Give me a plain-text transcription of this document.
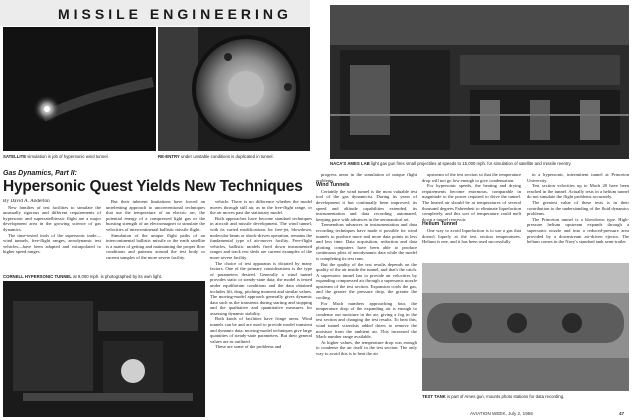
MISSILE ENGINEERING
SATELLITE simulation is job of hypersonic wind tunnel.	RE-ENTRY under unstable conditions is duplicated in tunnel.
NACA'S AMES LAB light gas gun fires small projectiles at speeds to 15,000 mph. for simulation of satellite and missile reentry.
Gas Dynamics, Part II:
Hypersonic Quest Yields New Techniques

By David A. Anderton

New families of test facilities to simulate the unusually rigorous and different requirements of hypersonic and supersatellitessic flight are a major development area in the growing science of gas dynamics.

The time-tested tools of the supersonic trade—wind tunnels, free-flight ranges, aerodynamic test vehicles—have been adapted and extrapolated to higher speed ranges.

But their inherent limitations have forced an unrelenting approach to unconventional techniques that use the temperature of an electric arc, the potential energy of a compressed light gas or the bursting strength of an electromagnet to simulate the velocities of intercontinental ballistic missile flight.

Simulation of the unique flight paths of an intercontinental ballistic missile or the earth satellite is a matter of getting and maintaining the proper flow conditions and patterns around the test body or current samples of the more severe facility.

vehicle. There is no difference whether the model moves through still air, as in the free-flight range, or the air moves past the stationary model.

Both approaches have become standard techniques in aircraft and missile development. The wind tunnel, with its varied modifications for free-jet, blowdown, molecular beam or shock-driven operation, remains the fundamental type of air-mover facility. Free-flight vehicles, ballistic models fired down instrumented ranges and track test sleds are current examples of the more severe facility.

The choice of test apparatus is dictated by many factors. One of the primary considerations is the type of parameters desired. Generally a wind tunnel provides static or steady-state data; the model is tested under equilibrium conditions and the data obtained includes lift, drag, pitching moment and similar values. The moving-model approach generally gives dynamic data such as the transients during starting and stopping and the qualitative and quantitative measures for assessing dynamic stability.

Both kinds of facilities have fringe areas. Wind tunnels can be and are used to provide model transient and dynamic data; moving-model techniques give large quantities of steady-state parameters. But their general values are as outlined.

These are some of the problems and

CORNELL HYPERSONIC TUNNEL at 9,000 mph. is photographed by its own light.

progress areas in the simulation of unique flight problems.

Wind Tunnels

Certainly the wind tunnel is the most valuable test tool of the gas dynamicist. During its years of development it has continually been improved; its speed and altitude capabilities extended, its instrumentation and data recording automated, keeping pace with advances in the aeronautical art.

Tremendous advances in instrumentation and data recording techniques have made it possible for wind tunnels to produce more and more data points in less and less time. Data acquisition, reduction and data plotting computers have been able to produce continuous plots of aerodynamic data while the model is completing its test runs.

But the quality of the test results depends on the quality of the air inside the tunnel, and that's the catch. A supersonic tunnel has to provide air velocities by expanding compressed air through a supersonic nozzle upstream of the test section. Expansion cools the gas, and the greater the pressure drop, the greater the cooling.

For Mach numbers approaching four, the temperature drop of the expanding air is enough to condense out moisture in the air, giving a fog in the test section and changing the test results. To beat this, wind tunnel scientists added driers to remove the moisture from the ambient air. This increased the Mach number range available.

At higher values, the temperature drop was enough to condense the air itself in the test section. The only way to avoid this is to heat the air

upstream of the test section so that the temperature drop will not go low enough to give condensation.

For hypersonic speeds, the heating and drying requirements become enormous, comparable in magnitude to the power required to drive the tunnel. The heated air should be at temperatures of several thousand degrees Fahrenheit to eliminate liquefaction completely, and this sort of temperature could melt down a tunnel reservoir.

Helium Tunnel

One way to avoid liquefaction is to use a gas that doesn't liquefy at the test section temperatures. Helium is one, and it has been used successfully

in a hypersonic, intermittent tunnel at Princeton University.

Test section velocities up to Mach 20 have been reached in the tunnel. Actually tests in a helium tunnel do not simulate the flight problems accurately.

The greatest value of these tests is in their contribution to the understanding of the fluid dynamics problems.

The Princeton tunnel is a blowdown type. High-pressure helium upstream expands through a supersonic nozzle and into a reduced-pressure area provided by a downstream air-driven ejector. The helium comes in the Navy's standard tank semi-trailer

TEST TANK is part of Ames gun, mounts photo stations for data recording.
AVIATION WEEK, July 2, 1956	47
